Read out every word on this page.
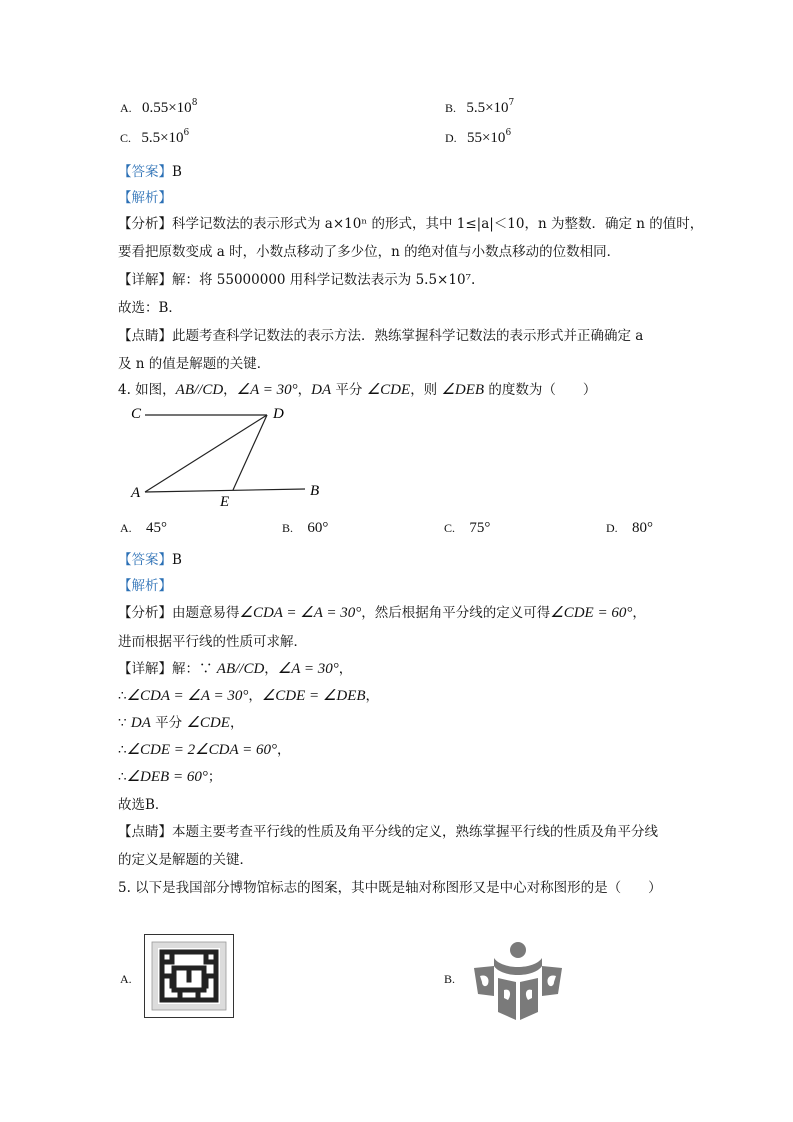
A. $0.55\times 10^8$	B. $5.5\times 10^7$
C. $5.5\times 10^6$	D. $55\times 10^6$
【答案】B
【解析】
【分析】科学记数法的表示形式为 a×10ⁿ 的形式，其中 1≤|a|＜10，n 为整数．确定 n 的值时，
要看把原数变成 a 时，小数点移动了多少位，n 的绝对值与小数点移动的位数相同．
【详解】解：将 55000000 用科学记数法表示为 5.5×10⁷.
故选：B．
【点睛】此题考查科学记数法的表示方法．熟练掌握科学记数法的表示形式并正确确定 a
及 n 的值是解题的关键．
4. 如图，AB//CD，∠A = 30°，DA 平分 ∠CDE，则 ∠DEB 的度数为（　　）
C	D
A
E
B
A. 45°	B. 60°	C. 75°	D. 80°
【答案】B
【解析】
【分析】由题意易得∠CDA = ∠A = 30°，然后根据角平分线的定义可得∠CDE = 60°，
进而根据平行线的性质可求解．
【详解】解：∵ AB//CD，∠A = 30°，
∴∠CDA = ∠A = 30°，∠CDE = ∠DEB，
∵ DA 平分 ∠CDE，
∴∠CDE = 2∠CDA = 60°，
∴∠DEB = 60°；
故选B．
【点睛】本题主要考查平行线的性质及角平分线的定义，熟练掌握平行线的性质及角平分线
的定义是解题的关键．
5. 以下是我国部分博物馆标志的图案，其中既是轴对称图形又是中心对称图形的是（　　）
A.	B.
